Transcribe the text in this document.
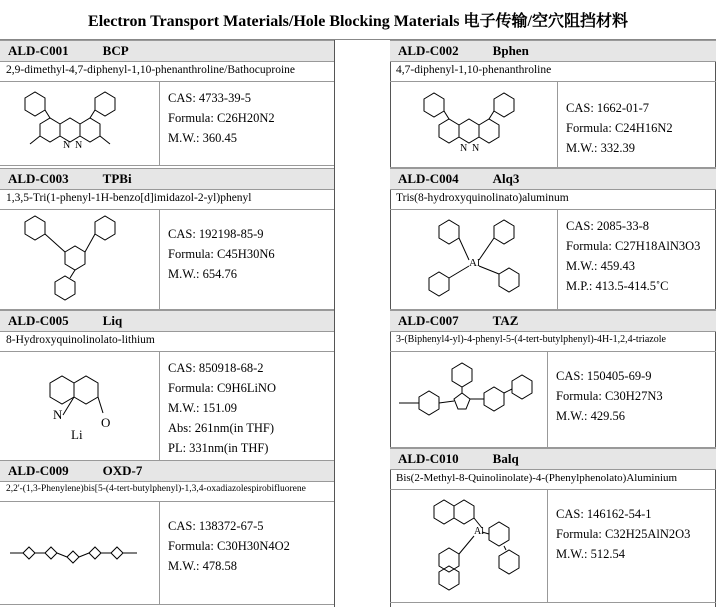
Electron Transport Materials/Hole Blocking Materials 电子传输/空穴阻挡材料
ALD-C001	BCP
2,9-dimethyl-4,7-diphenyl-1,10-phenanthroline/Bathocuproine
N N
CAS: 4733-39-5
Formula: C26H20N2
M.W.: 360.45
ALD-C003	TPBi
1,3,5-Tri(1-phenyl-1H-benzo[d]imidazol-2-yl)phenyl
CAS: 192198-85-9
Formula: C45H30N6
M.W.: 654.76
ALD-C005	Liq
8-Hydroxyquinolinolato-lithium
N
O
Li
CAS: 850918-68-2
Formula: C9H6LiNO
M.W.: 151.09
Abs: 261nm(in THF)
PL: 331nm(in THF)
ALD-C009	OXD-7
2,2'-(1,3-Phenylene)bis[5-(4-tert-butylphenyl)-1,3,4-oxadiazolespirobifluorene
CAS: 138372-67-5
Formula: C30H30N4O2
M.W.: 478.58
ALD-C002	Bphen
4,7-diphenyl-1,10-phenanthroline
N N
CAS: 1662-01-7
Formula: C24H16N2
M.W.: 332.39
ALD-C004	Alq3
Tris(8-hydroxyquinolinato)aluminum
Al
CAS: 2085-33-8
Formula: C27H18AlN3O3
M.W.: 459.43
M.P.: 413.5-414.5˚C
ALD-C007	TAZ
3-(Biphenyl4-yl)-4-phenyl-5-(4-tert-butylphenyl)-4H-1,2,4-triazole
CAS: 150405-69-9
Formula: C30H27N3
M.W.: 429.56
ALD-C010	Balq
Bis(2-Methyl-8-Quinolinolate)-4-(Phenylphenolato)Aluminium
Al
CAS: 146162-54-1
Formula: C32H25AlN2O3
M.W.: 512.54
